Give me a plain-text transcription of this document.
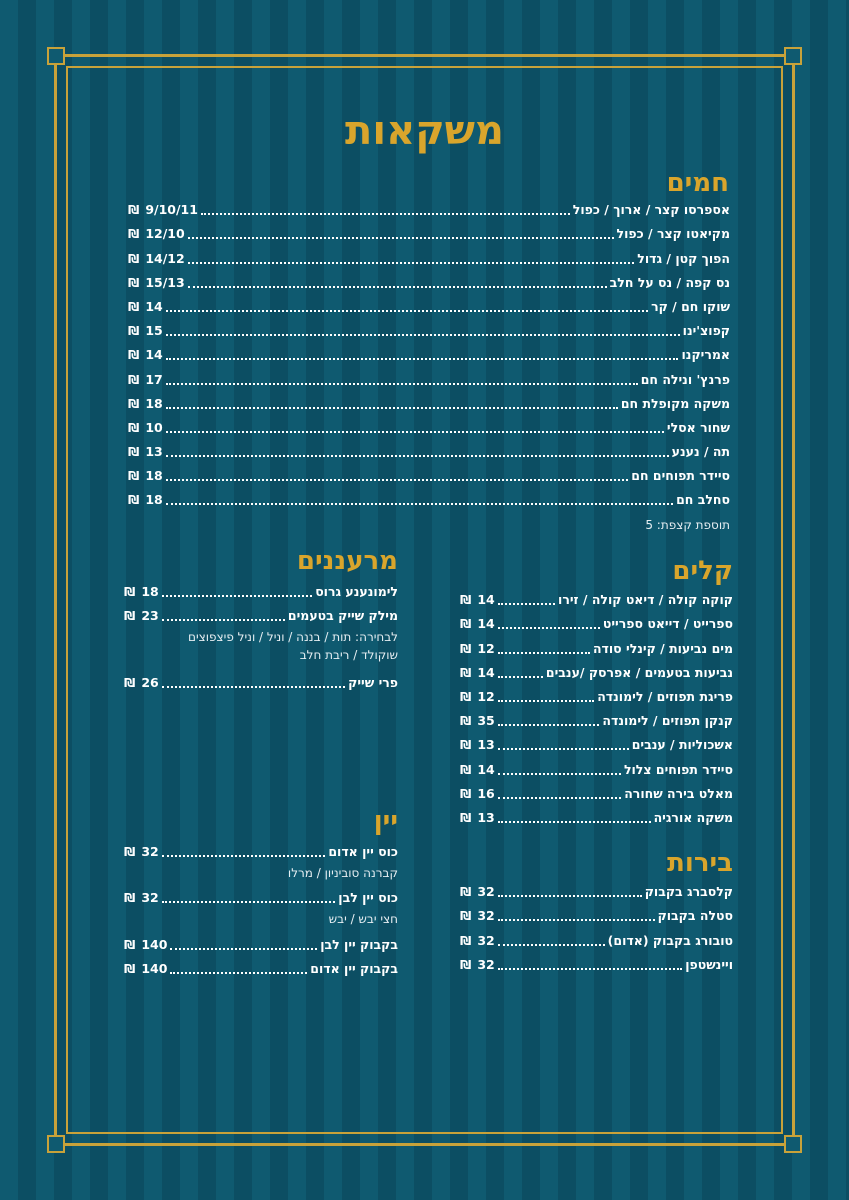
משקאות
חמים
אספרסו קצר / ארוך / כפול
9/10/11
₪
מקיאטו קצר / כפול
12/10
₪
הפוך קטן / גדול
14/12
₪
נס קפה / נס על חלב
15/13
₪
שוקו חם / קר
14
₪
קפוצ'ינו
15
₪
אמריקנו
14
₪
פרנץ' ונילה חם
17
₪
משקה מקופלת חם
18
₪
שחור אסלי
10
₪
תה / נענע
13
₪
סיידר תפוחים חם
18
₪
סחלב חם
18
₪
תוספת קצפת: 5
קלים
קוקה קולה / דיאט קולה / זירו
14
₪
ספרייט / דייאט ספרייט
14
₪
מים נביעות / קינלי סודה
12
₪
נביעות בטעמים / אפרסק /ענבים
14
₪
פריגת תפוזים / לימונדה
12
₪
קנקן תפוזים / לימונדה
35
₪
אשכוליות / ענבים
13
₪
סיידר תפוחים צלול
14
₪
מאלט בירה שחורה
16
₪
משקה אורגיה
13
₪
מרעננים
לימונענע גרוס
18
₪
מילק שייק בטעמים
23
₪
לבחירה: תות / בננה / וניל / וניל פיצפוצים
שוקולד / ריבת חלב
פרי שייק
26
₪
בירות
קלסברג בקבוק
32
₪
סטלה בקבוק
32
₪
טובורג בקבוק (אדום)
32
₪
ויינשטפן
32
₪
יין
כוס יין אדום
32
₪
קברנה סוביניון / מרלו
כוס יין לבן
32
₪
חצי יבש / יבש
בקבוק יין לבן
140
₪
בקבוק יין אדום
140
₪
